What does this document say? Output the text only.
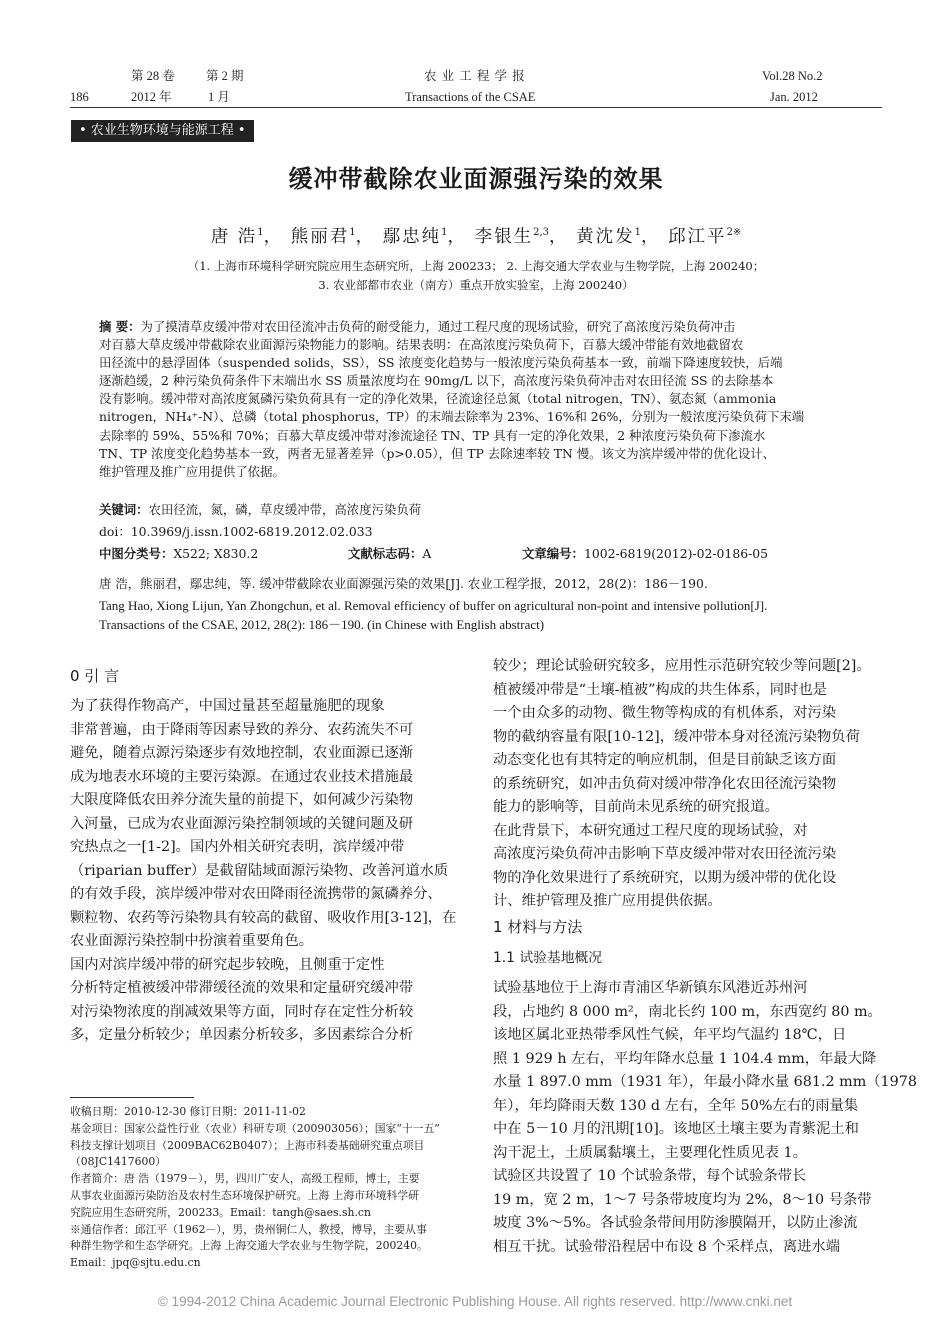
第 28 卷 第 2 期	农 业 工 程 学 报	Vol.28 No.2
186	2012 年	1 月	Transactions of the CSAE	Jan. 2012
• 农业生物环境与能源工程 •
缓冲带截除农业面源强污染的效果
唐 浩$^1$， 熊丽君$^1$， 鄢忠纯$^1$， 李银生$^{2,3}$， 黄沈发$^1$， 邱江平$^{2※}$
（1. 上海市环境科学研究院应用生态研究所，上海 200233； 2. 上海交通大学农业与生物学院，上海 200240；
3. 农业部都市农业（南方）重点开放实验室，上海 200240）
摘 要：为了摸清草皮缓冲带对农田径流冲击负荷的耐受能力，通过工程尺度的现场试验，研究了高浓度污染负荷冲击
对百慕大草皮缓冲带截除农业面源污染物能力的影响。结果表明：在高浓度污染负荷下，百慕大缓冲带能有效地截留农
田径流中的悬浮固体（suspended solids，SS），SS 浓度变化趋势与一般浓度污染负荷基本一致，前端下降速度较快，后端
逐渐趋缓，2 种污染负荷条件下末端出水 SS 质量浓度均在 90mg/L 以下，高浓度污染负荷冲击对农田径流 SS 的去除基本
没有影响。缓冲带对高浓度氮磷污染负荷具有一定的净化效果，径流途径总氮（total nitrogen，TN）、氨态氮（ammonia
nitrogen，NH₄⁺-N）、总磷（total phosphorus，TP）的末端去除率为 23%、16%和 26%，分别为一般浓度污染负荷下末端
去除率的 59%、55%和 70%；百慕大草皮缓冲带对渗流途径 TN、TP 具有一定的净化效果，2 种浓度污染负荷下渗流水
TN、TP 浓度变化趋势基本一致，两者无显著差异（p>0.05），但 TP 去除速率较 TN 慢。该文为滨岸缓冲带的优化设计、
维护管理及推广应用提供了依据。
关键词：农田径流，氮，磷，草皮缓冲带，高浓度污染负荷
doi：10.3969/j.issn.1002-6819.2012.02.033
中图分类号：X522; X830.2	文献标志码：A	文章编号：1002-6819(2012)-02-0186-05
唐 浩，熊丽君，鄢忠纯，等. 缓冲带截除农业面源强污染的效果[J]. 农业工程学报，2012，28(2)：186－190.
Tang Hao, Xiong Lijun, Yan Zhongchun, et al. Removal efficiency of buffer on agricultural non-point and intensive pollution[J].
Transactions of the CSAE, 2012, 28(2): 186－190. (in Chinese with English abstract)
0 引 言
为了获得作物高产，中国过量甚至超量施肥的现象
非常普遍，由于降雨等因素导致的养分、农药流失不可
避免，随着点源污染逐步有效地控制，农业面源已逐渐
成为地表水环境的主要污染源。在通过农业技术措施最
大限度降低农田养分流失量的前提下，如何减少污染物
入河量，已成为农业面源污染控制领域的关键问题及研
究热点之一[1-2]。国内外相关研究表明，滨岸缓冲带
（riparian buffer）是截留陆域面源污染物、改善河道水质
的有效手段，滨岸缓冲带对农田降雨径流携带的氮磷养分、
颗粒物、农药等污染物具有较高的截留、吸收作用[3-12]，在
农业面源污染控制中扮演着重要角色。
国内对滨岸缓冲带的研究起步较晚，且侧重于定性
分析特定植被缓冲带滞缓径流的效果和定量研究缓冲带
对污染物浓度的削减效果等方面，同时存在定性分析较
多，定量分析较少；单因素分析较多，多因素综合分析
较少；理论试验研究较多，应用性示范研究较少等问题[2]。
植被缓冲带是“土壤-植被”构成的共生体系，同时也是
一个由众多的动物、微生物等构成的有机体系，对污染
物的截纳容量有限[10-12]，缓冲带本身对径流污染物负荷
动态变化也有其特定的响应机制，但是目前缺乏该方面
的系统研究，如冲击负荷对缓冲带净化农田径流污染物
能力的影响等，目前尚未见系统的研究报道。
在此背景下，本研究通过工程尺度的现场试验，对
高浓度污染负荷冲击影响下草皮缓冲带对农田径流污染
物的净化效果进行了系统研究，以期为缓冲带的优化设
计、维护管理及推广应用提供依据。
1 材料与方法
1.1 试验基地概况
试验基地位于上海市青浦区华新镇东风港近苏州河
段，占地约 8 000 m²，南北长约 100 m，东西宽约 80 m。
该地区属北亚热带季风性气候，年平均气温约 18℃，日
照 1 929 h 左右，平均年降水总量 1 104.4 mm，年最大降
水量 1 897.0 mm（1931 年），年最小降水量 681.2 mm（1978
年），年均降雨天数 130 d 左右，全年 50%左右的雨量集
中在 5－10 月的汛期[10]。该地区土壤主要为青紫泥土和
沟干泥土，土质属黏壤土，主要理化性质见表 1。
试验区共设置了 10 个试验条带，每个试验条带长
19 m，宽 2 m，1～7 号条带坡度均为 2%，8～10 号条带
坡度 3%～5%。各试验条带间用防渗膜隔开，以防止渗流
相互干扰。试验带沿程居中布设 8 个采样点，离进水端
收稿日期：2010-12-30 修订日期：2011-11-02
基金项目：国家公益性行业（农业）科研专项（200903056）；国家“十一五”
科技支撑计划项目（2009BAC62B0407）；上海市科委基础研究重点项目
（08JC1417600）
作者简介：唐 浩（1979－），男，四川广安人，高级工程师，博士，主要
从事农业面源污染防治及农村生态环境保护研究。上海 上海市环境科学研
究院应用生态研究所，200233。Email：tangh@saes.sh.cn
※通信作者：邱江平（1962－），男，贵州铜仁人，教授，博导，主要从事
种群生物学和生态学研究。上海 上海交通大学农业与生物学院，200240。
Email：jpq@sjtu.edu.cn
© 1994-2012 China Academic Journal Electronic Publishing House. All rights reserved. http://www.cnki.net
